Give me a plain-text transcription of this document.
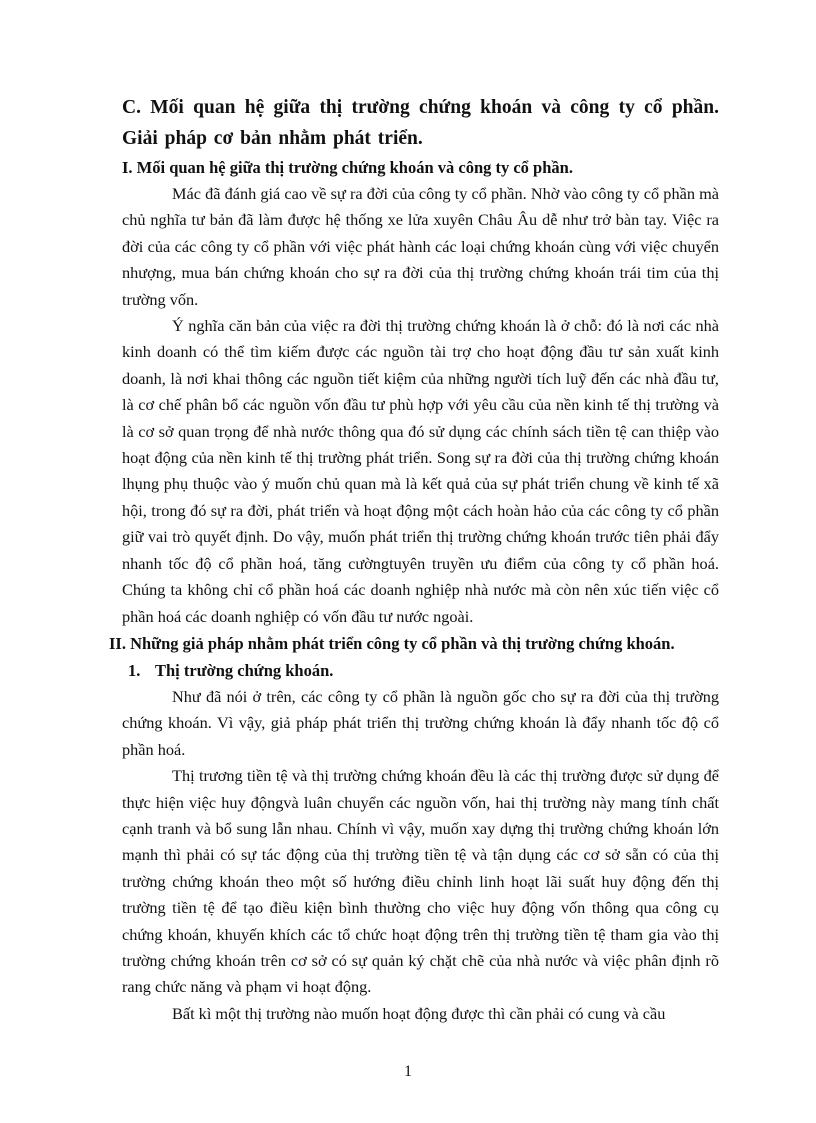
C. Mối quan hệ giữa thị trường chứng khoán và công ty cổ phần. Giải pháp cơ bản nhằm phát triển.
I. Mối quan hệ giữa thị trường chứng khoán và công ty cổ phần.

Mác đã đánh giá cao về sự ra đời của công ty cổ phần. Nhờ vào công ty cổ phần mà chủ nghĩa tư bản đã làm được hệ thống xe lửa xuyên Châu Âu dễ như trở bàn tay. Việc ra đời của các công ty cổ phần với việc phát hành các loại chứng khoán cùng với việc chuyển nhượng, mua bán chứng khoán cho sự ra đời của thị trường chứng khoán trái tim của thị trường vốn.

Ý nghĩa căn bản của việc ra đời thị trường chứng khoán là ở chỗ: đó là nơi các nhà kinh doanh có thể tìm kiếm được các nguồn tài trợ cho hoạt động đầu tư sản xuất kinh doanh, là nơi khai thông các nguồn tiết kiệm của những người tích luỹ đến các nhà đầu tư, là cơ chế phân bổ các nguồn vốn đầu tư phù hợp với yêu cầu của nền kinh tế thị trường và là cơ sở quan trọng để nhà nước thông qua đó sử dụng các chính sách tiền tệ can thiệp vào hoạt động của nền kinh tế thị trường phát triển. Song sự ra đời của thị trường chứng khoán lhụng phụ thuộc vào ý muốn chủ quan mà là kết quả của sự phát triển chung về kinh tế xã hội, trong đó sự ra đời, phát triển và hoạt động một cách hoàn hảo của các công ty cổ phần giữ vai trò quyết định. Do vậy, muốn phát triển thị trường chứng khoán trước tiên phải đẩy nhanh tốc độ cổ phần hoá, tăng cườngtuyên truyền ưu điểm của công ty cổ phần hoá. Chúng ta không chỉ cổ phần hoá các doanh nghiệp nhà nước mà còn nên xúc tiến việc cổ phần hoá các doanh nghiệp có vốn đầu tư nước ngoài.

II. Những giả pháp nhằm phát triển công ty cổ phần và thị trường chứng khoán.
1. Thị trường chứng khoán.

Như đã nói ở trên, các công ty cổ phần là nguồn gốc cho sự ra đời của thị trường chứng khoán. Vì vậy, giả pháp phát triển thị trường chứng khoán là đẩy nhanh tốc độ cổ phần hoá.

Thị trương tiền tệ và thị trường chứng khoán đều là các thị trường được sử dụng để thực hiện việc huy độngvà luân chuyển các nguồn vốn, hai thị trường này mang tính chất cạnh tranh và bổ sung lẫn nhau. Chính vì vậy, muốn xay dựng thị trường chứng khoán lớn mạnh thì phải có sự tác động của thị trường tiền tệ và tận dụng các cơ sở sẵn có của thị trường chứng khoán theo một số hướng điều chỉnh linh hoạt lãi suất huy động đến thị trường tiền tệ để tạo điều kiện bình thường cho việc huy động vốn thông qua công cụ chứng khoán, khuyến khích các tổ chức hoạt động trên thị trường tiền tệ tham gia vào thị trường chứng khoán trên cơ sở có sự quản ký chặt chẽ của nhà nước và việc phân định rõ rang chức năng và phạm vi hoạt động.

Bất kì một thị trường nào muốn hoạt động được thì cần phải có cung và cầu

1
